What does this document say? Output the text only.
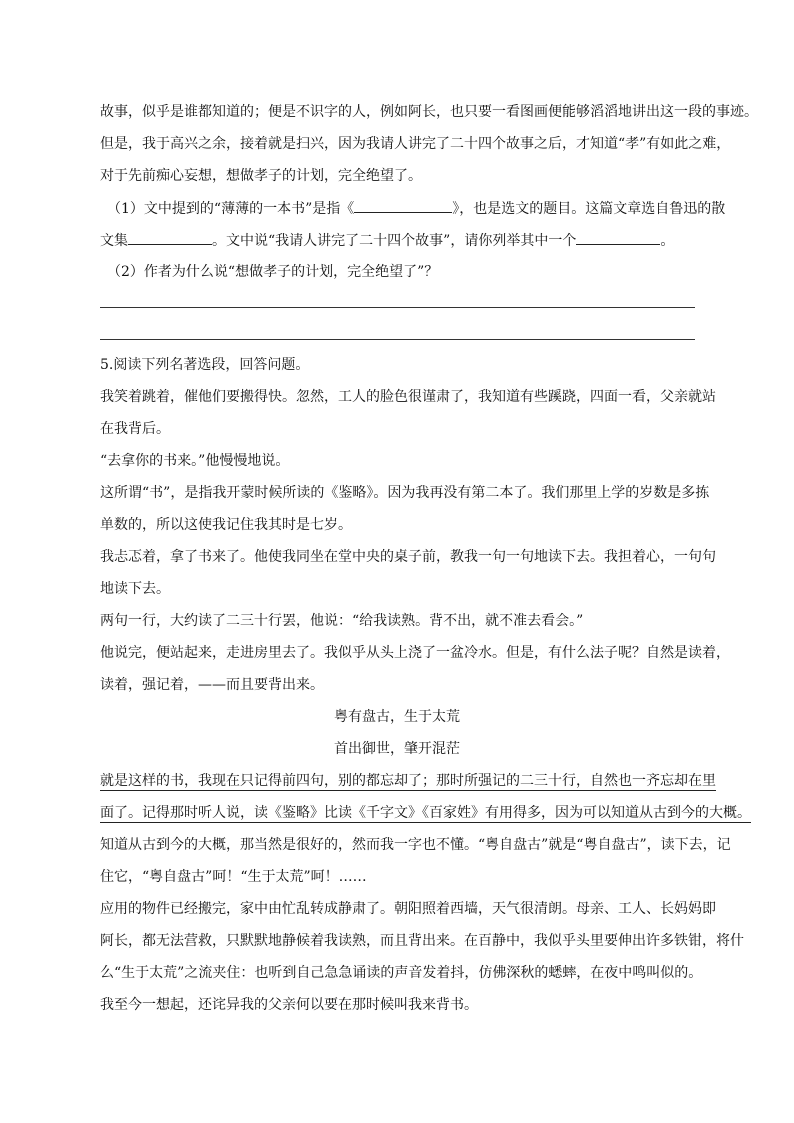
故事，似乎是谁都知道的；便是不识字的人，例如阿长，也只要一看图画便能够滔滔地讲出这一段的事迹。
但是，我于高兴之余，接着就是扫兴，因为我请人讲完了二十四个故事之后，才知道“孝”有如此之难，
对于先前痴心妄想，想做孝子的计划，完全绝望了。
（1）文中提到的“薄薄的一本书”是指《	》，也是选文的题目。这篇文章选自鲁迅的散
文集	。文中说“我请人讲完了二十四个故事”，请你列举其中一个	。
（2）作者为什么说“想做孝子的计划，完全绝望了”？
5.阅读下列名著选段，回答问题。
我笑着跳着，催他们要搬得快。忽然，工人的脸色很谨肃了，我知道有些蹊跷，四面一看，父亲就站
在我背后。
“去拿你的书来。”他慢慢地说。
这所谓“书”，是指我开蒙时候所读的《鉴略》。因为我再没有第二本了。我们那里上学的岁数是多拣
单数的，所以这使我记住我其时是七岁。
我忐忑着，拿了书来了。他使我同坐在堂中央的桌子前，教我一句一句地读下去。我担着心，一句句
地读下去。
两句一行，大约读了二三十行罢，他说：“给我读熟。背不出，就不准去看会。”
他说完，便站起来，走进房里去了。我似乎从头上浇了一盆冷水。但是，有什么法子呢？自然是读着，
读着，强记着，——而且要背出来。
粤有盘古，生于太荒
首出御世，肇开混茫
就是这样的书，我现在只记得前四句，别的都忘却了；那时所强记的二三十行，自然也一齐忘却在里
面了。记得那时听人说，读《鉴略》比读《千字文》《百家姓》有用得多，因为可以知道从古到今的大概。
知道从古到今的大概，那当然是很好的，然而我一字也不懂。“粤自盘古”就是“粤自盘古”，读下去，记
住它，“粤自盘古”呵！“生于太荒”呵！……
应用的物件已经搬完，家中由忙乱转成静肃了。朝阳照着西墙，天气很清朗。母亲、工人、长妈妈即
阿长，都无法营救，只默默地静候着我读熟，而且背出来。在百静中，我似乎头里要伸出许多铁钳，将什
么“生于太荒”之流夹住：也听到自己急急诵读的声音发着抖，仿佛深秋的蟋蟀，在夜中鸣叫似的。
我至今一想起，还诧异我的父亲何以要在那时候叫我来背书。
